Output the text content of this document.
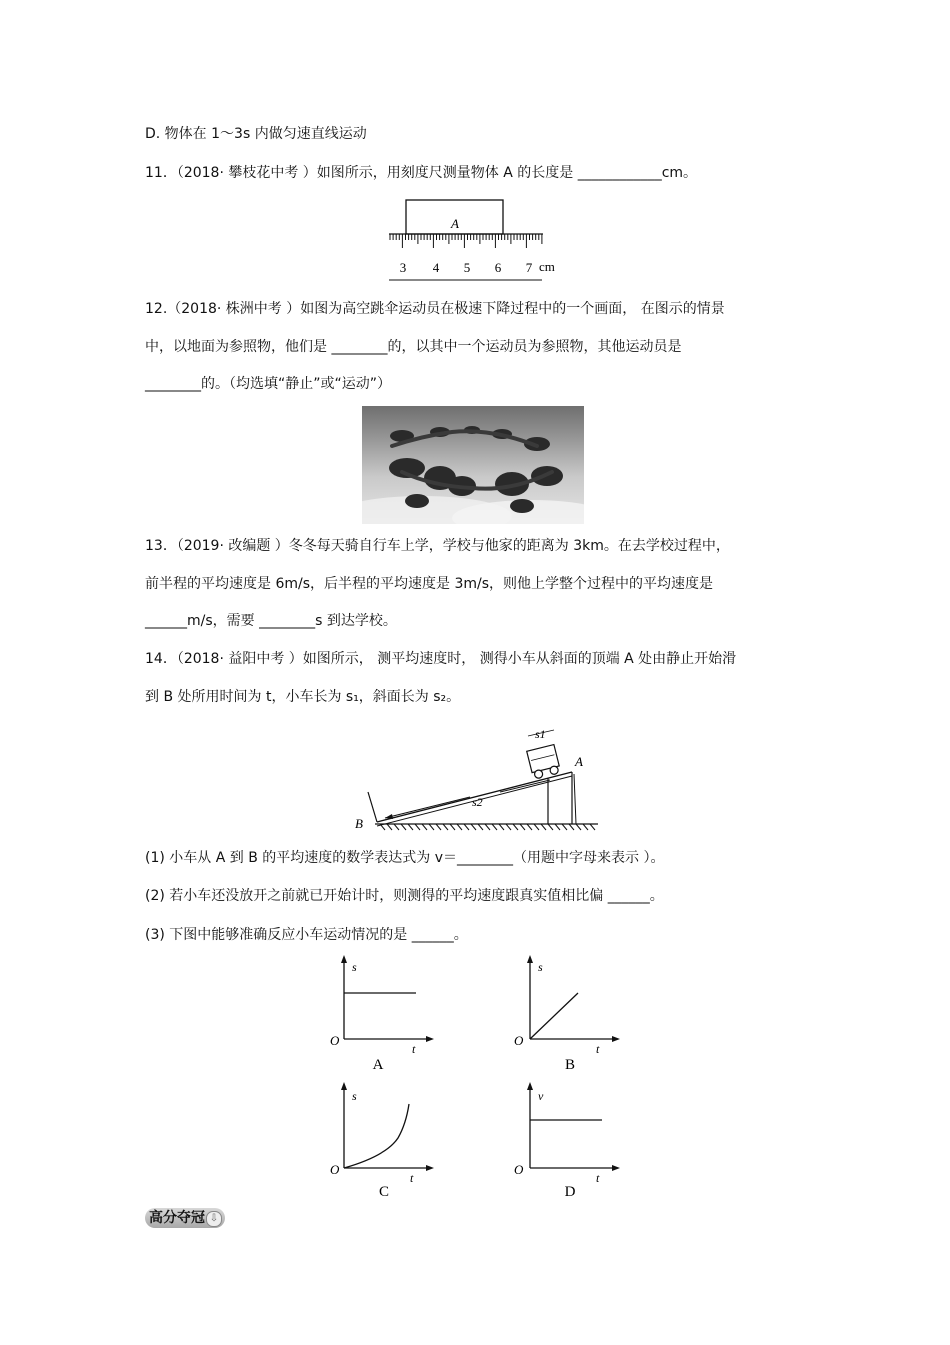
D. 物体在 1～3s 内做匀速直线运动
11．（2018· 攀枝花中考 ）如图所示，用刻度尺测量物体 A 的长度是 ____________cm。
A
3 4 5 6 7 cm
12.（2018· 株洲中考 ）如图为高空跳伞运动员在极速下降过程中的一个画面， 在图示的情景
中，以地面为参照物，他们是 ________的，以其中一个运动员为参照物，其他运动员是
________的。（均选填“静止”或“运动”）
13．（2019· 改编题 ）冬冬每天骑自行车上学，学校与他家的距离为 3km。在去学校过程中，
前半程的平均速度是 6m/s，后半程的平均速度是 3m/s，则他上学整个过程中的平均速度是
______m/s，需要 ________s 到达学校。
14．（2018· 益阳中考 ）如图所示， 测平均速度时， 测得小车从斜面的顶端 A 处由静止开始滑
到 B 处所用时间为 t，小车长为 s₁，斜面长为 s₂。
s1
A
s2
B
(1) 小车从 A 到 B 的平均速度的数学表达式为 v＝________（用题中字母来表示 ）。
(2) 若小车还没放开之前就已开始计时，则测得的平均速度跟真实值相比偏 ______。
(3) 下图中能够准确反应小车运动情况的是 ______。
s
t
O
A
s
t
O
B
s
t
O
C
v
t
O
D
高分夺冠 ⇩
